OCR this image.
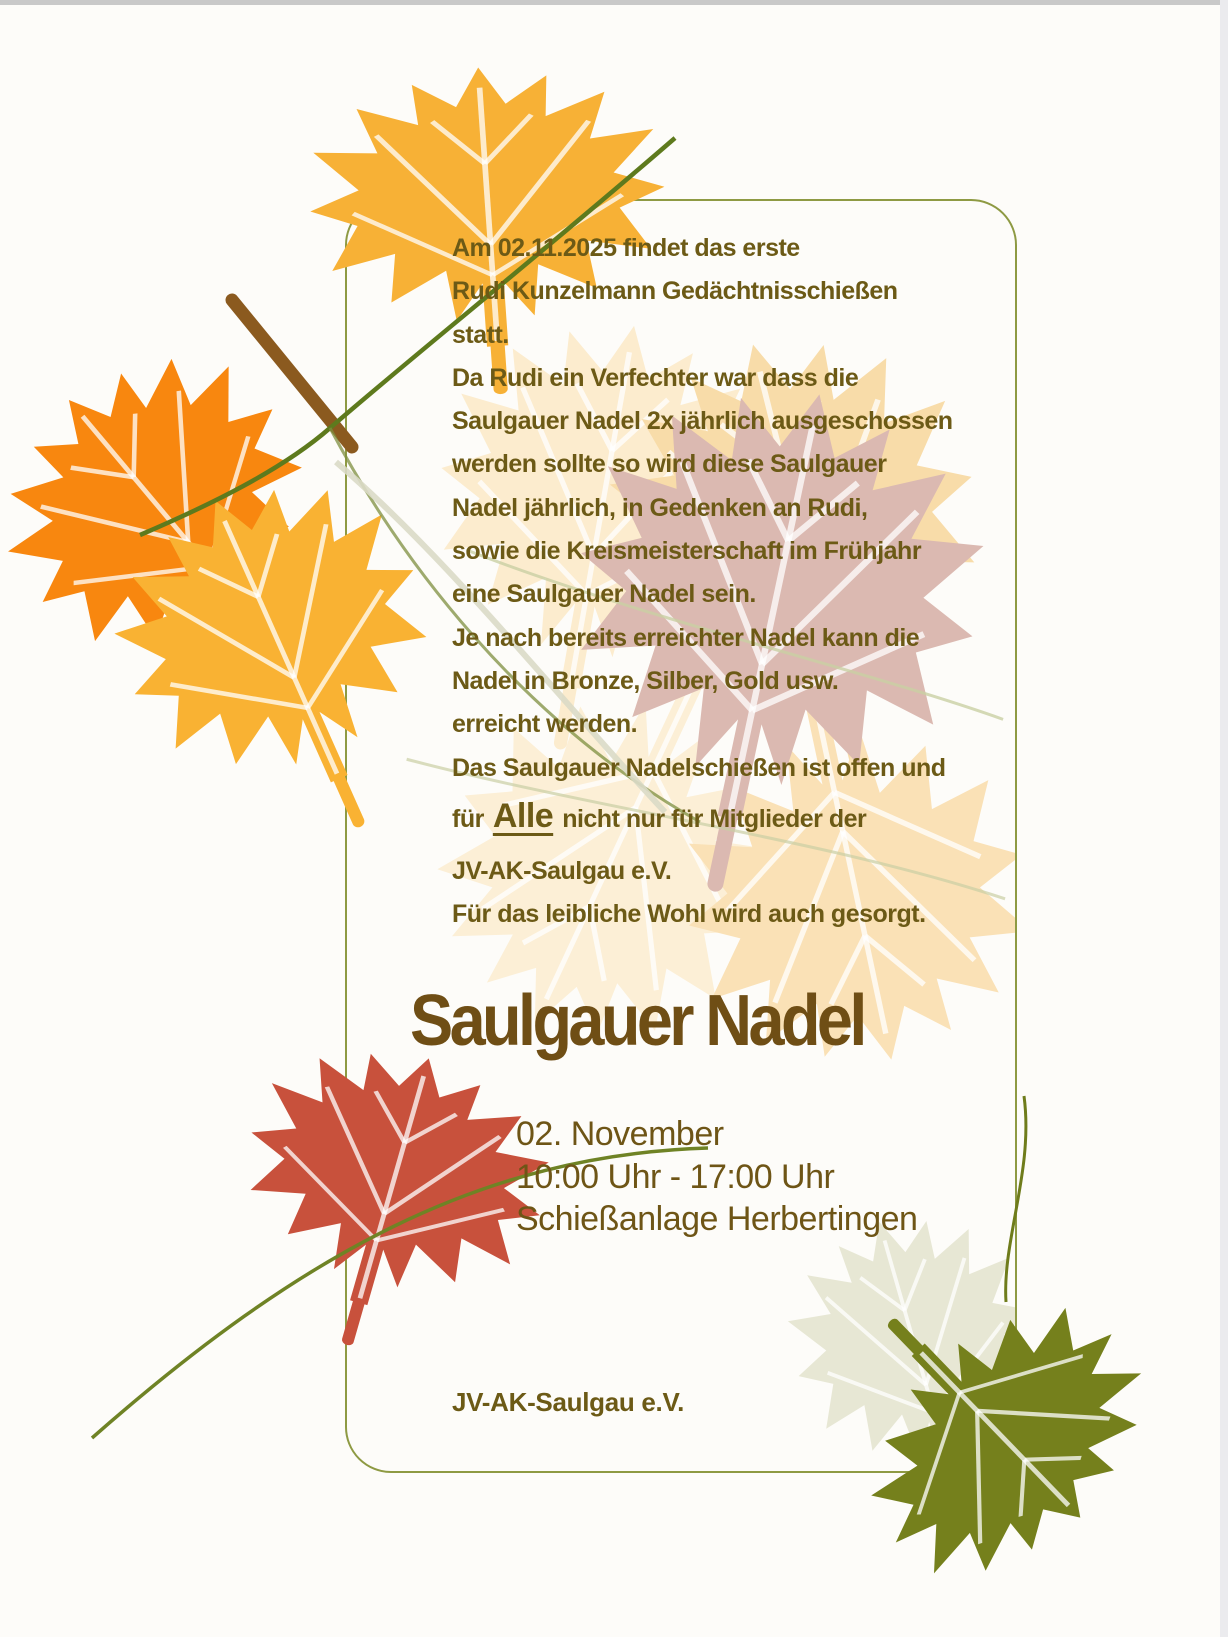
Am 02.11.2025 findet das erste
Rudi Kunzelmann Gedächtnisschießen
statt.
Da Rudi ein Verfechter war dass die
Saulgauer Nadel 2x jährlich ausgeschossen
werden sollte so wird diese Saulgauer
Nadel jährlich, in Gedenken an Rudi,
sowie die Kreismeisterschaft im Frühjahr
eine Saulgauer Nadel sein.
Je nach bereits erreichter Nadel kann die
Nadel in Bronze, Silber, Gold usw.
erreicht werden.
Das Saulgauer Nadelschießen ist offen und
für Alle nicht nur für Mitglieder der
JV-AK-Saulgau e.V.
Für das leibliche Wohl wird auch gesorgt.
Saulgauer Nadel
02. November
10:00 Uhr - 17:00 Uhr
Schießanlage Herbertingen
JV-AK-Saulgau e.V.
